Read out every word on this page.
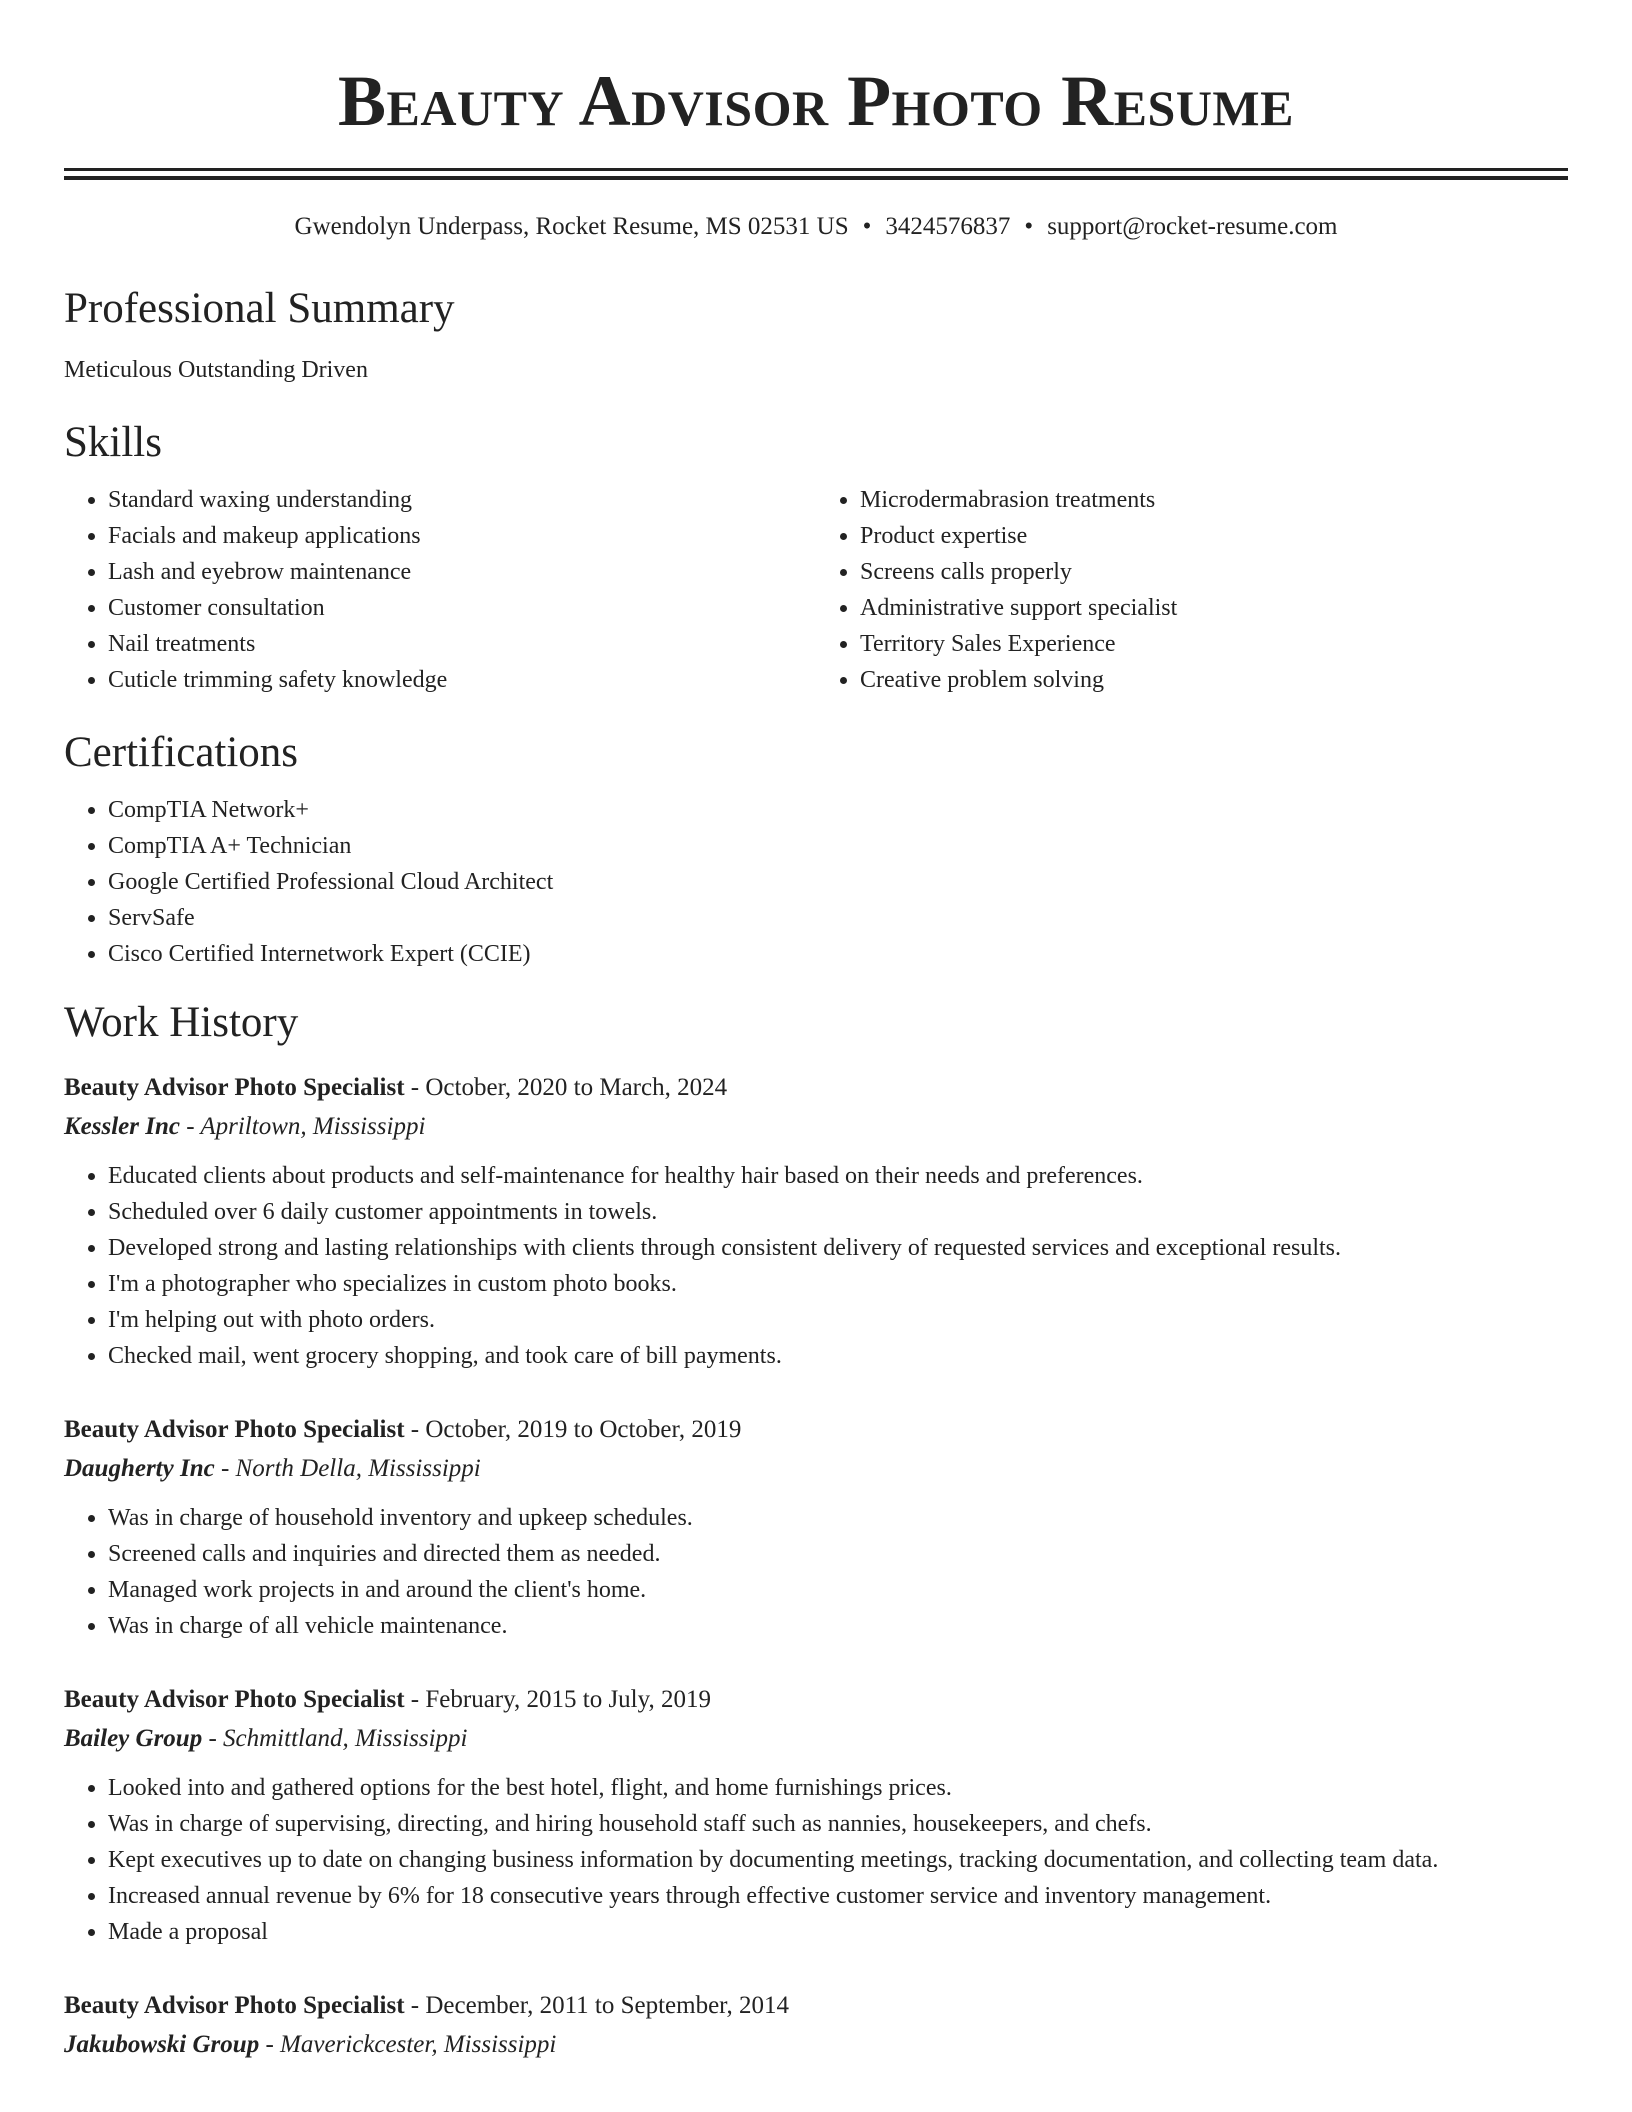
Beauty Advisor Photo Resume
Gwendolyn Underpass, Rocket Resume, MS 02531 US • 3424576837 • support@rocket-resume.com
Professional Summary
Meticulous Outstanding Driven
Skills
• Standard waxing understanding
• Facials and makeup applications
• Lash and eyebrow maintenance
• Customer consultation
• Nail treatments
• Cuticle trimming safety knowledge
• Microdermabrasion treatments
• Product expertise
• Screens calls properly
• Administrative support specialist
• Territory Sales Experience
• Creative problem solving
Certifications
• CompTIA Network+
• CompTIA A+ Technician
• Google Certified Professional Cloud Architect
• ServSafe
• Cisco Certified Internetwork Expert (CCIE)
Work History
Beauty Advisor Photo Specialist - October, 2020 to March, 2024
Kessler Inc - Apriltown, Mississippi
• Educated clients about products and self-maintenance for healthy hair based on their needs and preferences.
• Scheduled over 6 daily customer appointments in towels.
• Developed strong and lasting relationships with clients through consistent delivery of requested services and exceptional results.
• I'm a photographer who specializes in custom photo books.
• I'm helping out with photo orders.
• Checked mail, went grocery shopping, and took care of bill payments.
Beauty Advisor Photo Specialist - October, 2019 to October, 2019
Daugherty Inc - North Della, Mississippi
• Was in charge of household inventory and upkeep schedules.
• Screened calls and inquiries and directed them as needed.
• Managed work projects in and around the client's home.
• Was in charge of all vehicle maintenance.
Beauty Advisor Photo Specialist - February, 2015 to July, 2019
Bailey Group - Schmittland, Mississippi
• Looked into and gathered options for the best hotel, flight, and home furnishings prices.
• Was in charge of supervising, directing, and hiring household staff such as nannies, housekeepers, and chefs.
• Kept executives up to date on changing business information by documenting meetings, tracking documentation, and collecting team data.
• Increased annual revenue by 6% for 18 consecutive years through effective customer service and inventory management.
• Made a proposal
Beauty Advisor Photo Specialist - December, 2011 to September, 2014
Jakubowski Group - Maverickcester, Mississippi
